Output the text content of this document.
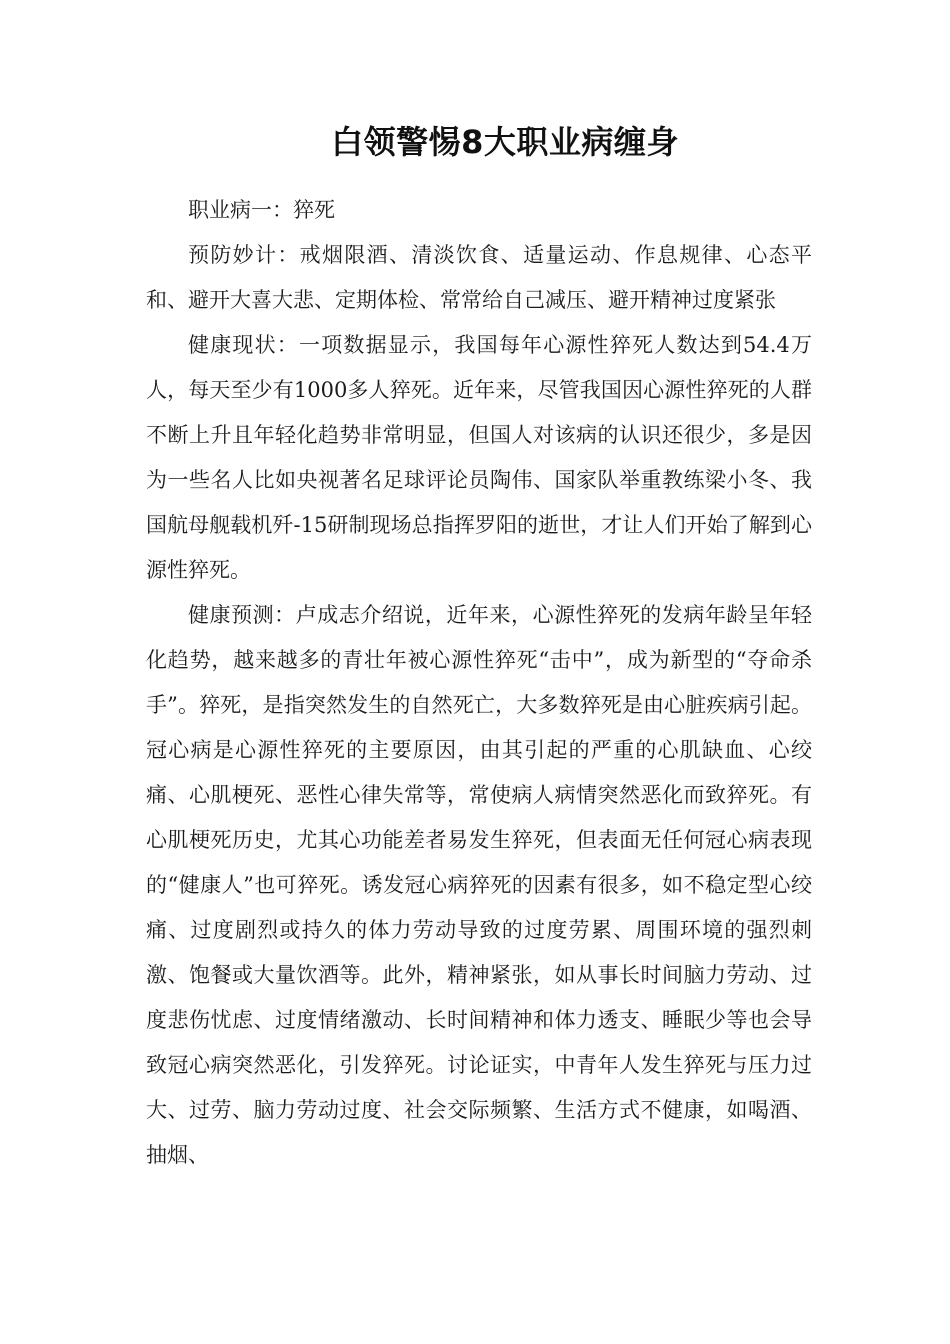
白领警惕8大职业病缠身

职业病一：猝死

预防妙计：戒烟限酒、清淡饮食、适量运动、作息规律、心态平和、避开大喜大悲、定期体检、常常给自己减压、避开精神过度紧张

健康现状：一项数据显示，我国每年心源性猝死人数达到54.4万人，每天至少有1000多人猝死。近年来，尽管我国因心源性猝死的人群不断上升且年轻化趋势非常明显，但国人对该病的认识还很少，多是因为一些名人比如央视著名足球评论员陶伟、国家队举重教练梁小冬、我国航母舰载机歼-15研制现场总指挥罗阳的逝世，才让人们开始了解到心源性猝死。

健康预测：卢成志介绍说，近年来，心源性猝死的发病年龄呈年轻化趋势，越来越多的青壮年被心源性猝死“击中”，成为新型的“夺命杀手”。猝死，是指突然发生的自然死亡，大多数猝死是由心脏疾病引起。冠心病是心源性猝死的主要原因，由其引起的严重的心肌缺血、心绞痛、心肌梗死、恶性心律失常等，常使病人病情突然恶化而致猝死。有心肌梗死历史，尤其心功能差者易发生猝死，但表面无任何冠心病表现的“健康人”也可猝死。诱发冠心病猝死的因素有很多，如不稳定型心绞痛、过度剧烈或持久的体力劳动导致的过度劳累、周围环境的强烈刺激、饱餐或大量饮酒等。此外，精神紧张，如从事长时间脑力劳动、过度悲伤忧虑、过度情绪激动、长时间精神和体力透支、睡眠少等也会导致冠心病突然恶化，引发猝死。讨论证实，中青年人发生猝死与压力过大、过劳、脑力劳动过度、社会交际频繁、生活方式不健康，如喝酒、抽烟、
